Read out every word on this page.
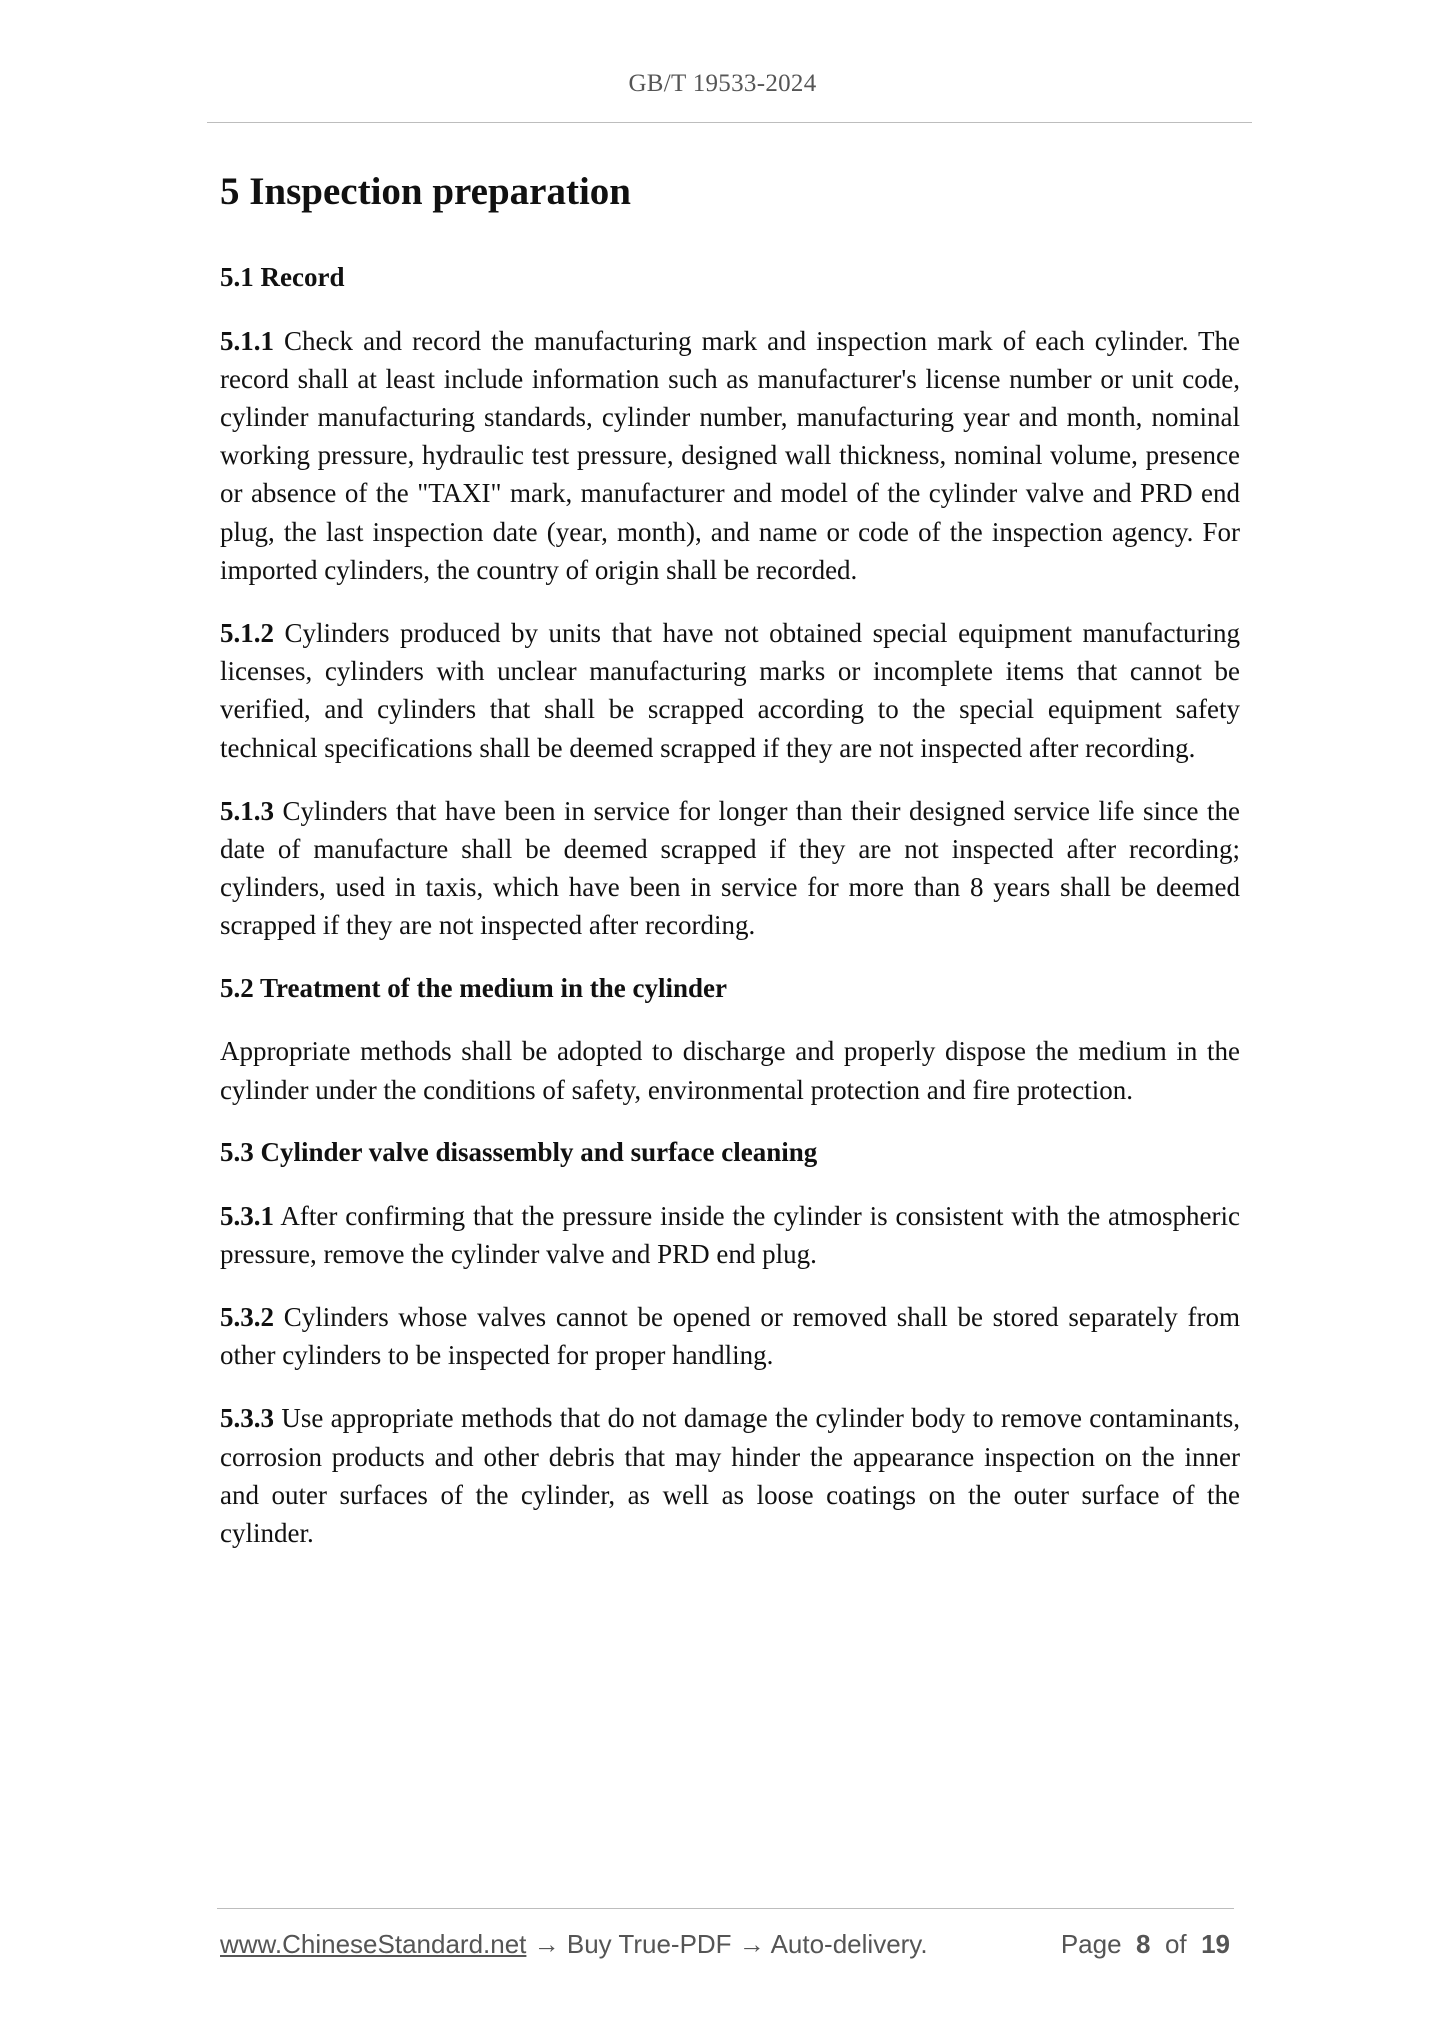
GB/T 19533-2024
5 Inspection preparation
5.1 Record

5.1.1 Check and record the manufacturing mark and inspection mark of each cylinder. The record shall at least include information such as manufacturer's license number or unit code, cylinder manufacturing standards, cylinder number, manufacturing year and month, nominal working pressure, hydraulic test pressure, designed wall thickness, nominal volume, presence or absence of the "TAXI" mark, manufacturer and model of the cylinder valve and PRD end plug, the last inspection date (year, month), and name or code of the inspection agency. For imported cylinders, the country of origin shall be recorded.

5.1.2 Cylinders produced by units that have not obtained special equipment manufacturing licenses, cylinders with unclear manufacturing marks or incomplete items that cannot be verified, and cylinders that shall be scrapped according to the special equipment safety technical specifications shall be deemed scrapped if they are not inspected after recording.

5.1.3 Cylinders that have been in service for longer than their designed service life since the date of manufacture shall be deemed scrapped if they are not inspected after recording; cylinders, used in taxis, which have been in service for more than 8 years shall be deemed scrapped if they are not inspected after recording.

5.2 Treatment of the medium in the cylinder

Appropriate methods shall be adopted to discharge and properly dispose the medium in the cylinder under the conditions of safety, environmental protection and fire protection.

5.3 Cylinder valve disassembly and surface cleaning

5.3.1 After confirming that the pressure inside the cylinder is consistent with the atmospheric pressure, remove the cylinder valve and PRD end plug.

5.3.2 Cylinders whose valves cannot be opened or removed shall be stored separately from other cylinders to be inspected for proper handling.

5.3.3 Use appropriate methods that do not damage the cylinder body to remove contaminants, corrosion products and other debris that may hinder the appearance inspection on the inner and outer surfaces of the cylinder, as well as loose coatings on the outer surface of the cylinder.

www.ChineseStandard.net → Buy True-PDF → Auto-delivery.	Page 8 of 19
